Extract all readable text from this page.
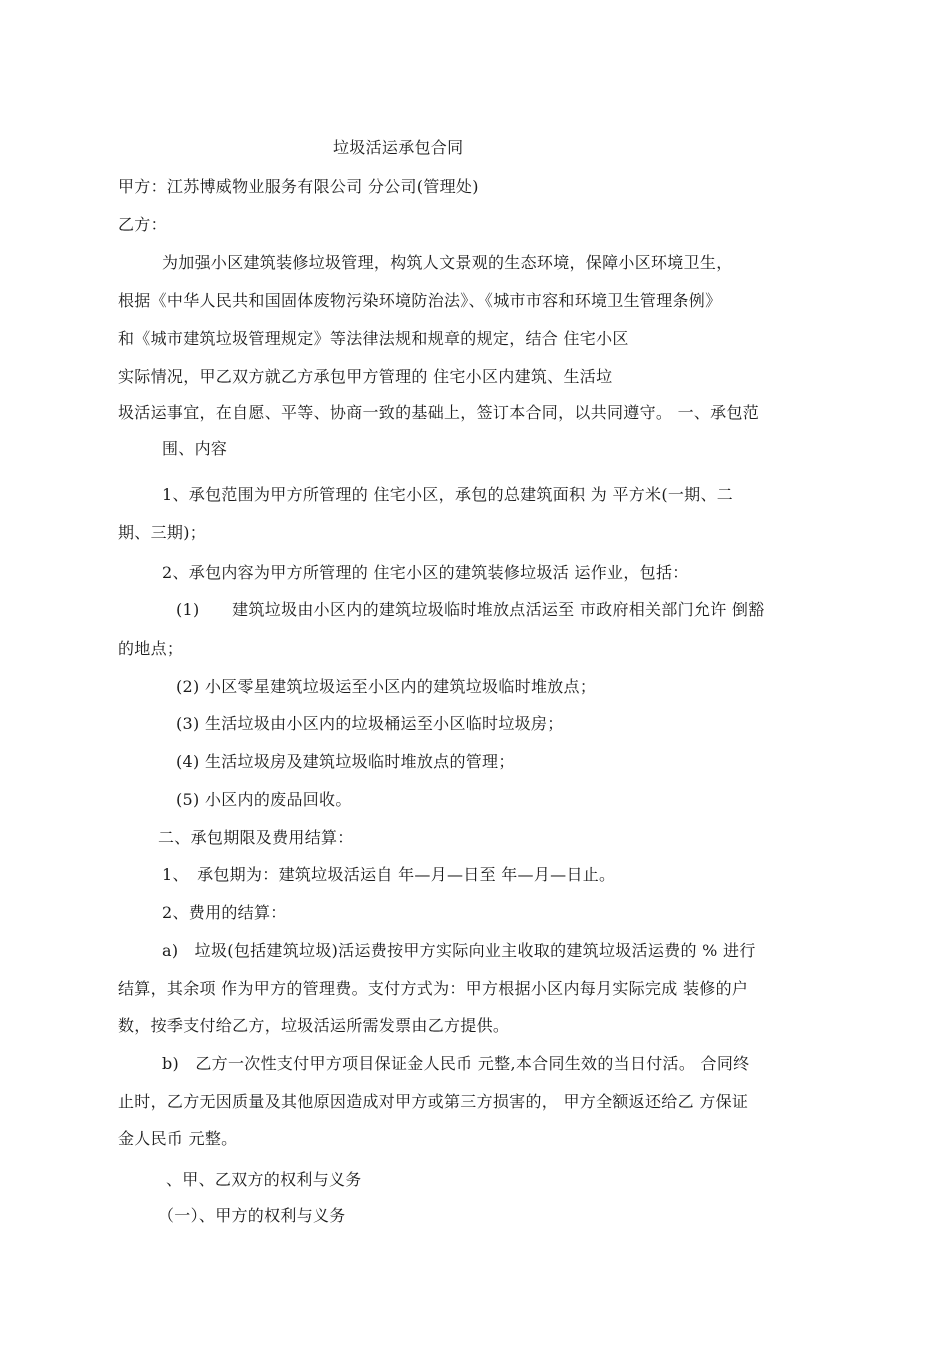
垃圾活运承包合同
甲方：江苏博威物业服务有限公司 分公司(管理处)
乙方：
为加强小区建筑装修垃圾管理，构筑人文景观的生态环境，保障小区环境卫生，
根据《中华人民共和国固体废物污染环境防治法》、《城市市容和环境卫生管理条例》
和《城市建筑垃圾管理规定》等法律法规和规章的规定，结合 住宅小区
实际情况，甲乙双方就乙方承包甲方管理的 住宅小区内建筑、生活垃
圾活运事宜，在自愿、平等、协商一致的基础上，签订本合同，以共同遵守。 一、承包范
围、内容
1、承包范围为甲方所管理的 住宅小区，承包的总建筑面积 为 平方米(一期、二
期、三期)；
2、承包内容为甲方所管理的 住宅小区的建筑装修垃圾活 运作业，包括：
(1)　　建筑垃圾由小区内的建筑垃圾临时堆放点活运至 市政府相关部门允许 倒豁
的地点；
(2) 小区零星建筑垃圾运至小区内的建筑垃圾临时堆放点；
(3) 生活垃圾由小区内的垃圾桶运至小区临时垃圾房；
(4) 生活垃圾房及建筑垃圾临时堆放点的管理；
(5) 小区内的废品回收。
二、承包期限及费用结算：
1、　承包期为：建筑垃圾活运自 年—月—日至 年—月—日止。
2、费用的结算：
a)　垃圾(包括建筑垃圾)活运费按甲方实际向业主收取的建筑垃圾活运费的 % 进行
结算，其余项 作为甲方的管理费。支付方式为：甲方根据小区内每月实际完成 装修的户
数，按季支付给乙方，垃圾活运所需发票由乙方提供。
b)　乙方一次性支付甲方项目保证金人民币 元整,本合同生效的当日付活。 合同终
止时，乙方无因质量及其他原因造成对甲方或第三方损害的， 甲方全额返还给乙 方保证
金人民币 元整。
、甲、乙双方的权利与义务
（一）、甲方的权利与义务
